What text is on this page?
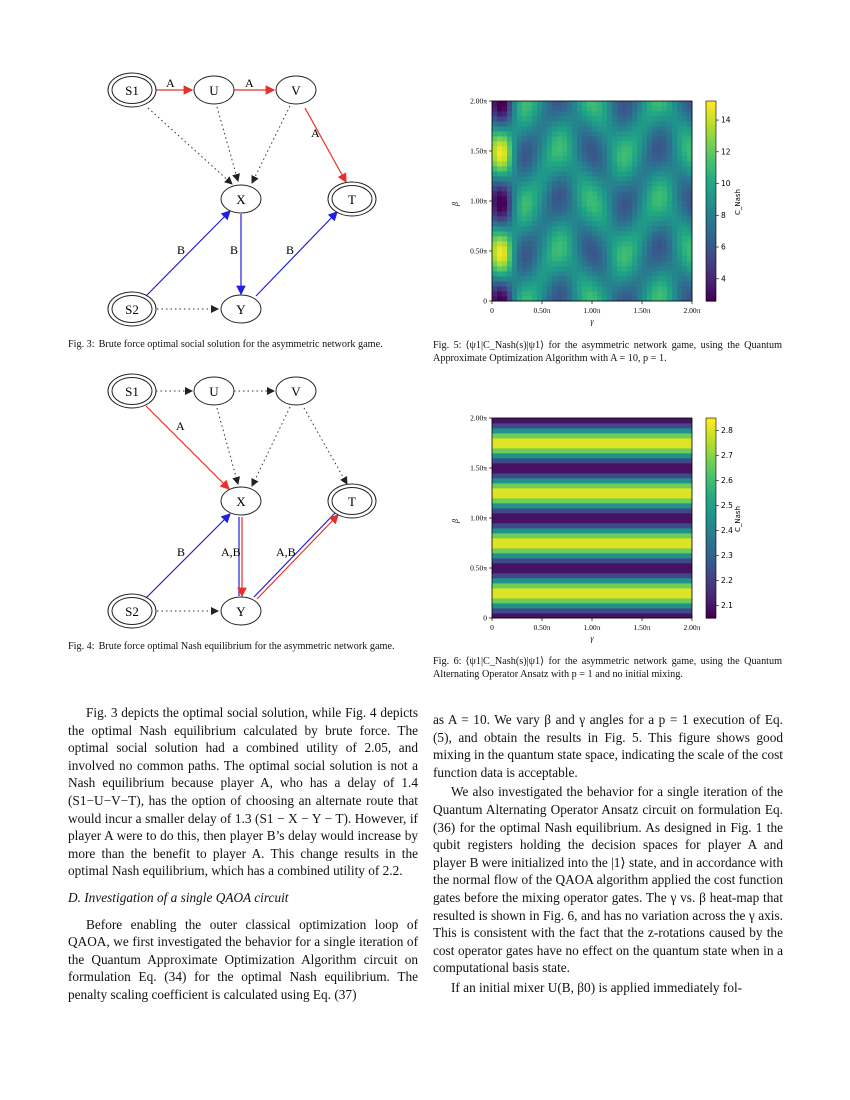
S1	U	V
X	T
S2	Y
A	A
A
B	B	B
Fig. 3: Brute force optimal social solution for the asymmetric network game.
S1	U	V
X	T
S2	Y
A
B	A,B	A,B
Fig. 4: Brute force optimal Nash equilibrium for the asymmetric network game.
0	0.50π	1.00π	1.50π	2.00π
0
0.50π
1.00π
1.50π
2.00π
γ
β
4
6
8
10
12
14
C_Nash
Fig. 5: ⟨ψ1|C_Nash(s)|ψ1⟩ for the asymmetric network game, using the Quantum Approximate Optimization Algorithm with A = 10, p = 1.
0	0.50π	1.00π	1.50π	2.00π
0
0.50π
1.00π
1.50π
2.00π
γ
β
2.1
2.2
2.3
2.4
2.5
2.6
2.7
2.8
C_Nash
Fig. 6: ⟨ψ1|C_Nash(s)|ψ1⟩ for the asymmetric network game, using the Quantum Alternating Operator Ansatz with p = 1 and no initial mixing.

Fig. 3 depicts the optimal social solution, while Fig. 4 depicts the optimal Nash equilibrium calculated by brute force. The optimal social solution had a combined utility of 2.05, and involved no common paths. The optimal social solution is not a Nash equilibrium because player A, who has a delay of 1.4 (S1−U−V−T), has the option of choosing an alternate route that would incur a smaller delay of 1.3 (S1 − X − Y − T). However, if player A were to do this, then player B’s delay would increase by more than the benefit to player A. This change results in the optimal Nash equilibrium, which has a combined utility of 2.2.

D. Investigation of a single QAOA circuit

Before enabling the outer classical optimization loop of QAOA, we first investigated the behavior for a single iteration of the Quantum Approximate Optimization Algorithm circuit on formulation Eq. (34) for the optimal Nash equilibrium. The penalty scaling coefficient is calculated using Eq. (37)

as A = 10. We vary β and γ angles for a p = 1 execution of Eq. (5), and obtain the results in Fig. 5. This figure shows good mixing in the quantum state space, indicating the scale of the cost function data is acceptable.

We also investigated the behavior for a single iteration of the Quantum Alternating Operator Ansatz circuit on formulation Eq. (36) for the optimal Nash equilibrium. As designed in Fig. 1 the qubit registers holding the decision spaces for player A and player B were initialized into the |1⟩ state, and in accordance with the normal flow of the QAOA algorithm applied the cost function gates before the mixing operator gates. The γ vs. β heat-map that resulted is shown in Fig. 6, and has no variation across the γ axis. This is consistent with the fact that the z-rotations caused by the cost operator gates have no effect on the quantum state when in a computational basis state.

If an initial mixer U(B, β0) is applied immediately fol-
